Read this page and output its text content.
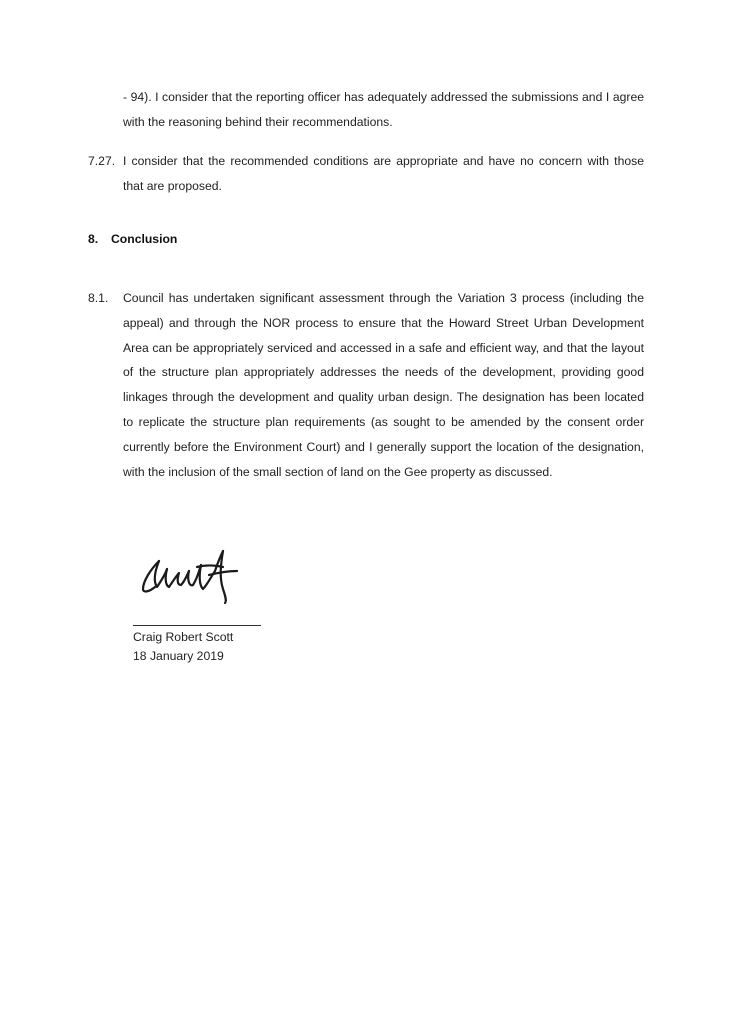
- 94). I consider that the reporting officer has adequately addressed the submissions and I agree with the reasoning behind their recommendations.
7.27. I consider that the recommended conditions are appropriate and have no concern with those that are proposed.
8. Conclusion
8.1. Council has undertaken significant assessment through the Variation 3 process (including the appeal) and through the NOR process to ensure that the Howard Street Urban Development Area can be appropriately serviced and accessed in a safe and efficient way, and that the layout of the structure plan appropriately addresses the needs of the development, providing good linkages through the development and quality urban design. The designation has been located to replicate the structure plan requirements (as sought to be amended by the consent order currently before the Environment Court) and I generally support the location of the designation, with the inclusion of the small section of land on the Gee property as discussed.
Craig Robert Scott
18 January 2019
